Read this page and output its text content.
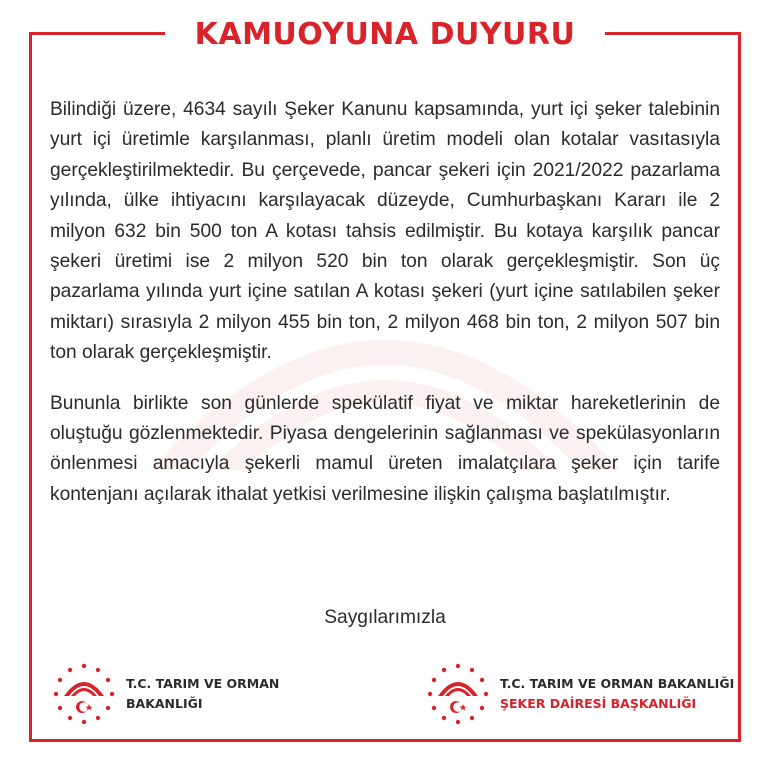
KAMUOYUNA DUYURU

Bilindiği üzere, 4634 sayılı Şeker Kanunu kapsamında, yurt içi şeker talebinin yurt içi üretimle karşılanması, planlı üretim modeli olan kotalar vasıtasıyla gerçekleştirilmektedir. Bu çerçevede, pancar şekeri için 2021/2022 pazarlama yılında, ülke ihtiyacını karşılayacak düzeyde, Cumhurbaşkanı Kararı ile 2 milyon 632 bin 500 ton A kotası tahsis edilmiştir. Bu kotaya karşılık pancar şekeri üretimi ise 2 milyon 520 bin ton olarak gerçekleşmiştir. Son üç pazarlama yılında yurt içine satılan A kotası şekeri (yurt içine satılabilen şeker miktarı) sırasıyla 2 milyon 455 bin ton, 2 milyon 468 bin ton, 2 milyon 507 bin ton olarak gerçekleşmiştir.

Bununla birlikte son günlerde spekülatif fiyat ve miktar hareketlerinin de oluştuğu gözlenmektedir. Piyasa dengelerinin sağlanması ve spekülasyonların önlenmesi amacıyla şekerli mamul üreten imalatçılara şeker için tarife kontenjanı açılarak ithalat yetkisi verilmesine ilişkin çalışma başlatılmıştır.

Saygılarımızla
T.C. TARIM VE ORMAN
BAKANLIĞI
T.C. TARIM VE ORMAN BAKANLIĞI
ŞEKER DAİRESİ BAŞKANLIĞI
